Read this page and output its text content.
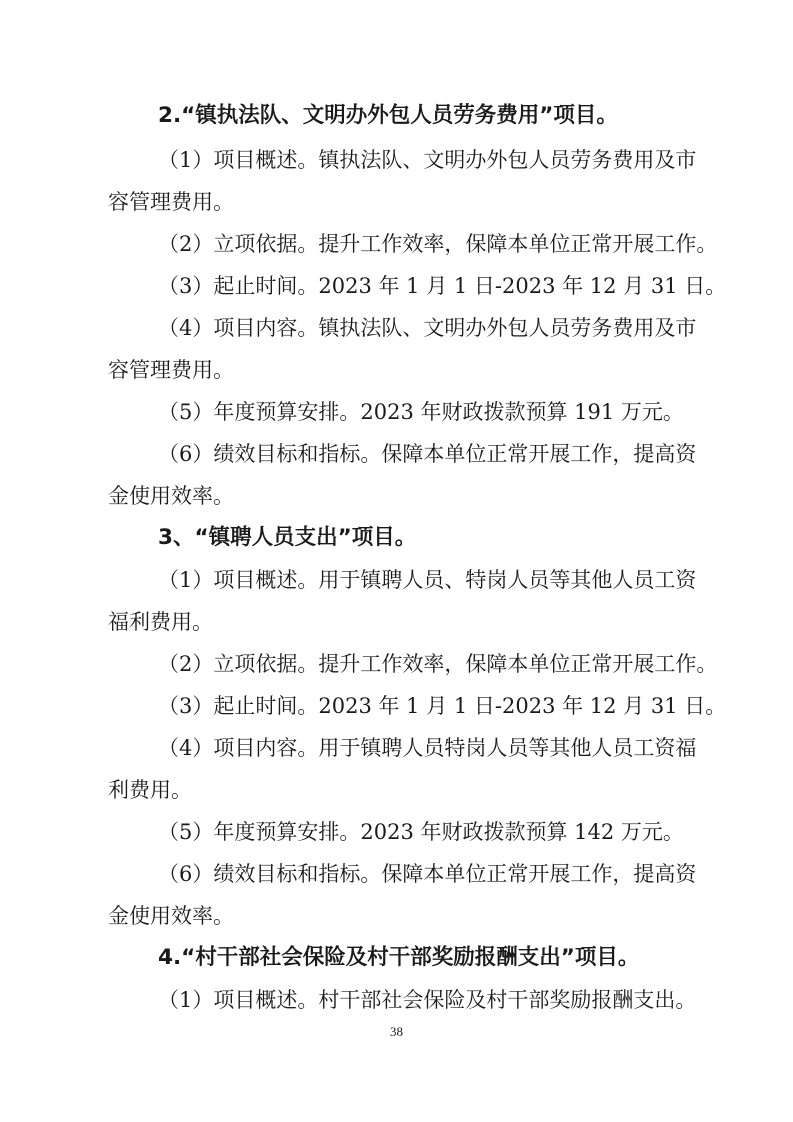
2.“镇执法队、文明办外包人员劳务费用”项目。
（1）项目概述。镇执法队、文明办外包人员劳务费用及市
容管理费用。
（2）立项依据。提升工作效率，保障本单位正常开展工作。
（3）起止时间。2023 年 1 月 1 日-2023 年 12 月 31 日。
（4）项目内容。镇执法队、文明办外包人员劳务费用及市
容管理费用。
（5）年度预算安排。2023 年财政拨款预算 191 万元。
（6）绩效目标和指标。保障本单位正常开展工作，提高资
金使用效率。
3、“镇聘人员支出”项目。
（1）项目概述。用于镇聘人员、特岗人员等其他人员工资
福利费用。
（2）立项依据。提升工作效率，保障本单位正常开展工作。
（3）起止时间。2023 年 1 月 1 日-2023 年 12 月 31 日。
（4）项目内容。用于镇聘人员特岗人员等其他人员工资福
利费用。
（5）年度预算安排。2023 年财政拨款预算 142 万元。
（6）绩效目标和指标。保障本单位正常开展工作，提高资
金使用效率。
4.“村干部社会保险及村干部奖励报酬支出”项目。
（1）项目概述。村干部社会保险及村干部奖励报酬支出。
38
